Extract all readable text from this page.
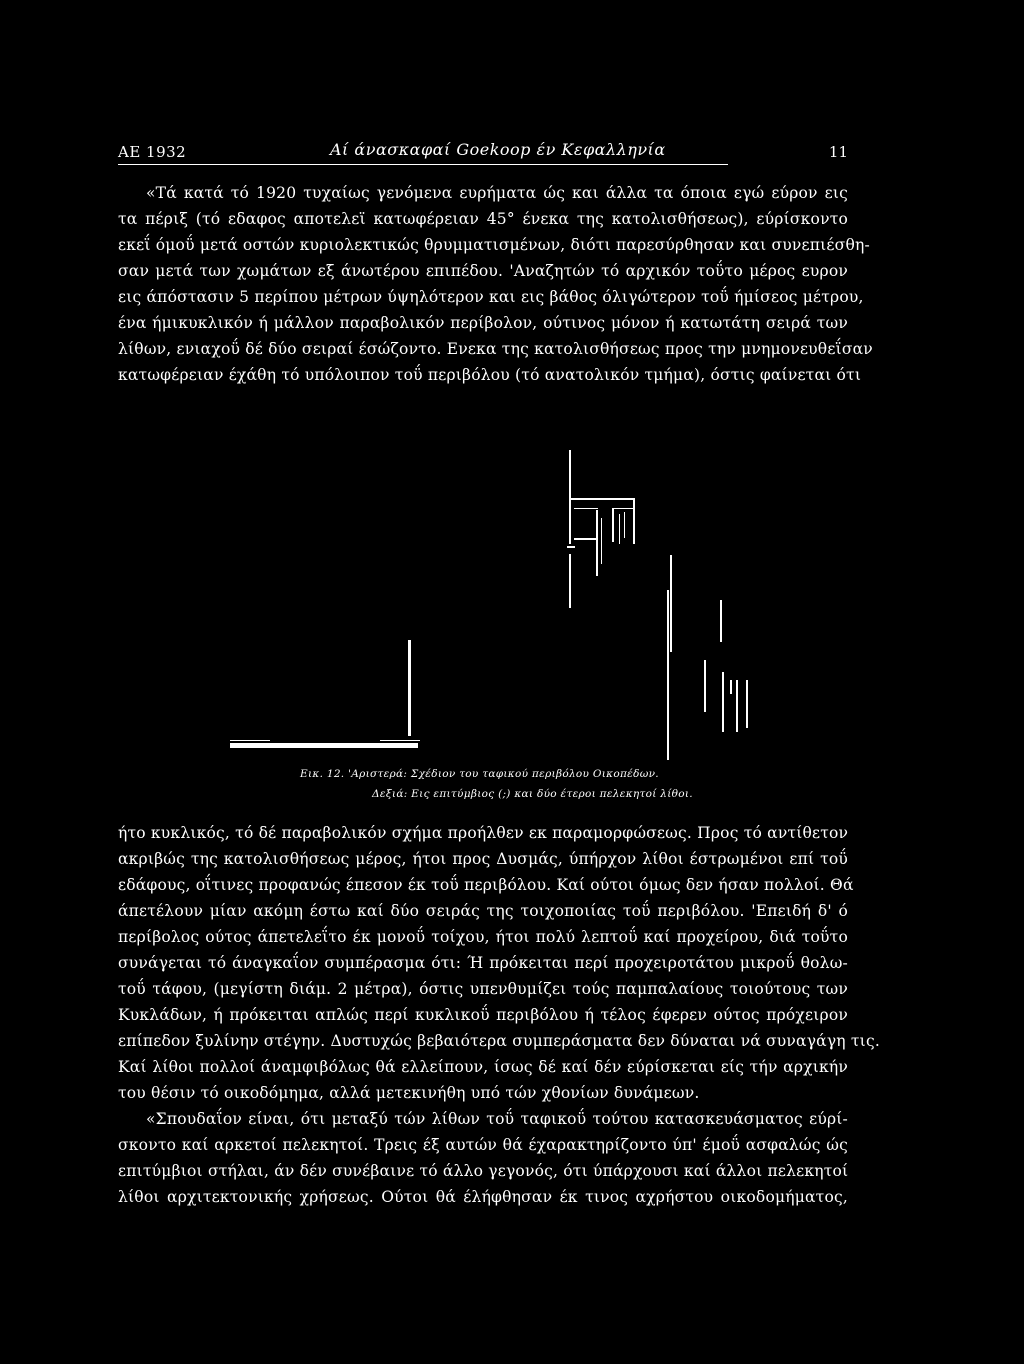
ΑΕ 1932	Αί άνασκαφαί Goekoop έν Κεφαλληνία	11
«Τά κατά τό 1920 τυχαίως γενόμενα ευρήματα ώς και άλλα τα όποια εγώ εύρον εις
τα πέριξ (τό εδαφος αποτελεϊ κατωφέρειαν 45° ένεκα της κατολισθήσεως), εύρίσκοντο
εκεΐ όμοΰ μετά οστών κυριολεκτικώς θρυμματισμένων, διότι παρεσύρθησαν και συνεπιέσθη-
σαν μετά των χωμάτων εξ άνωτέρου επιπέδου. 'Αναζητών τό αρχικόν τοΰτο μέρος ευρον
εις άπόστασιν 5 περίπου μέτρων ύψηλότερον και εις βάθος όλιγώτερον τοΰ ήμίσεος μέτρου,
ένα ήμικυκλικόν ή μάλλον παραβολικόν περίβολον, ούτινος μόνον ή κατωτάτη σειρά των
λίθων, ενιαχοΰ δέ δύο σειραί έσώζοντο. Ενεκα της κατολισθήσεως προς την μνημονευθεΐσαν
κατωφέρειαν έχάθη τό υπόλοιπον τοΰ περιβόλου (τό ανατολικόν τμήμα), όστις φαίνεται ότι
Εικ. 12. 'Αριστερά: Σχέδιον του ταφικού περιβόλου Οικοπέδων.
Δεξιά: Εις επιτύμβιος (;) και δύο έτεροι πελεκητοί λίθοι.
ήτο κυκλικός, τό δέ παραβολικόν σχήμα προήλθεν εκ παραμορφώσεως. Προς τό αντίθετον
ακριβώς της κατολισθήσεως μέρος, ήτοι προς Δυσμάς, ύπήρχον λίθοι έστρωμένοι επί τοΰ
εδάφους, οΐτινες προφανώς έπεσον έκ τοΰ περιβόλου. Καί ούτοι όμως δεν ήσαν πολλοί. Θά
άπετέλουν μίαν ακόμη έστω καί δύο σειράς της τοιχοποιίας τοΰ περιβόλου. 'Επειδή δ' ό
περίβολος ούτος άπετελεΐτο έκ μονοΰ τοίχου, ήτοι πολύ λεπτοΰ καί προχείρου, διά τοΰτο
συνάγεται τό άναγκαΐον συμπέρασμα ότι: Ή πρόκειται περί προχειροτάτου μικροΰ θολω-
τοΰ τάφου, (μεγίστη διάμ. 2 μέτρα), όστις υπενθυμίζει τούς παμπαλαίους τοιούτους των
Κυκλάδων, ή πρόκειται απλώς περί κυκλικοΰ περιβόλου ή τέλος έφερεν ούτος πρόχειρον
επίπεδον ξυλίνην στέγην. Δυστυχώς βεβαιότερα συμπεράσματα δεν δύναται νά συναγάγη τις.
Καί λίθοι πολλοί άναμφιβόλως θά ελλείπουν, ίσως δέ καί δέν εύρίσκεται είς τήν αρχικήν
του θέσιν τό οικοδόμημα, αλλά μετεκινήθη υπό τών χθονίων δυνάμεων.
«Σπουδαΐον είναι, ότι μεταξύ τών λίθων τοΰ ταφικοΰ τούτου κατασκευάσματος εύρί-
σκοντο καί αρκετοί πελεκητοί. Τρεις έξ αυτών θά έχαρακτηρίζοντο ύπ' έμοΰ ασφαλώς ώς
επιτύμβιοι στήλαι, άν δέν συνέβαινε τό άλλο γεγονός, ότι ύπάρχουσι καί άλλοι πελεκητοί
λίθοι αρχιτεκτονικής χρήσεως. Ούτοι θά έλήφθησαν έκ τινος αχρήστου οικοδομήματος,
